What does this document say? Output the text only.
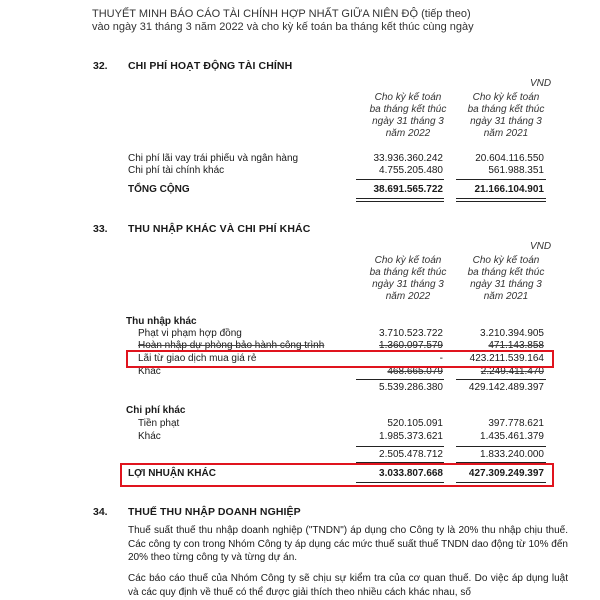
THUYẾT MINH BÁO CÁO TÀI CHÍNH HỢP NHẤT GIỮA NIÊN ĐỘ (tiếp theo)
vào ngày 31 tháng 3 năm 2022 và cho kỳ kế toán ba tháng kết thúc cùng ngày
32. CHI PHÍ HOẠT ĐỘNG TÀI CHÍNH
VND
Cho kỳ kế toán
ba tháng kết thúc
ngày 31 tháng 3
năm 2022
Cho kỳ kế toán
ba tháng kết thúc
ngày 31 tháng 3
năm 2021
Chi phí lãi vay trái phiếu và ngân hàng	33.936.360.242	20.604.116.550
Chi phí tài chính khác	4.755.205.480	561.988.351
TỔNG CỘNG	38.691.565.722	21.166.104.901
33. THU NHẬP KHÁC VÀ CHI PHÍ KHÁC
VND
Cho kỳ kế toán
ba tháng kết thúc
ngày 31 tháng 3
năm 2022
Cho kỳ kế toán
ba tháng kết thúc
ngày 31 tháng 3
năm 2021
Thu nhập khác
Phạt vi phạm hợp đồng	3.710.523.722	3.210.394.905
Hoàn nhập dự phòng bảo hành công trình	1.360.097.579	471.143.858
Lãi từ giao dịch mua giá rẻ	-	423.211.539.164
Khác	468.665.079	2.249.411.470
5.539.286.380	429.142.489.397
Chi phí khác
Tiền phạt	520.105.091	397.778.621
Khác	1.985.373.621	1.435.461.379
2.505.478.712	1.833.240.000
LỢI NHUẬN KHÁC	3.033.807.668	427.309.249.397
34. THUẾ THU NHẬP DOANH NGHIỆP
Thuế suất thuế thu nhập doanh nghiệp ("TNDN") áp dụng cho Công ty là 20% thu nhập chịu thuế. Các công ty con trong Nhóm Công ty áp dụng các mức thuế suất thuế TNDN dao động từ 10% đến 20% theo từng công ty và từng dự án.
Các báo cáo thuế của Nhóm Công ty sẽ chịu sự kiểm tra của cơ quan thuế. Do việc áp dụng luật và các quy định về thuế có thể được giải thích theo nhiều cách khác nhau, số
